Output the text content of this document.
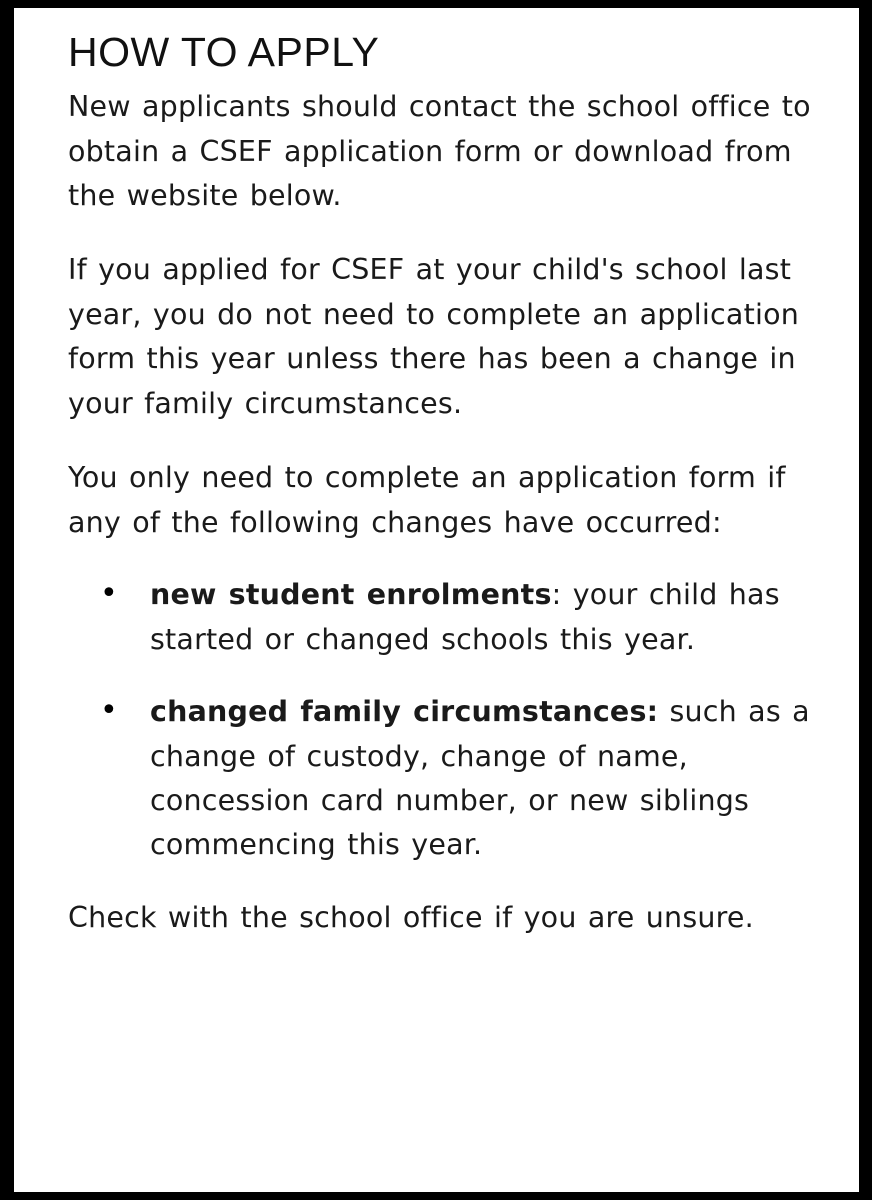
HOW TO APPLY

New applicants should contact the school office to obtain a CSEF application form or download from the website below.

If you applied for CSEF at your child's school last year, you do not need to complete an application form this year unless there has been a change in your family circumstances.

You only need to complete an application form if any of the following changes have occurred:

• new student enrolments: your child has started or changed schools this year.
• changed family circumstances: such as a change of custody, change of name, concession card number, or new siblings commencing this year.

Check with the school office if you are unsure.
